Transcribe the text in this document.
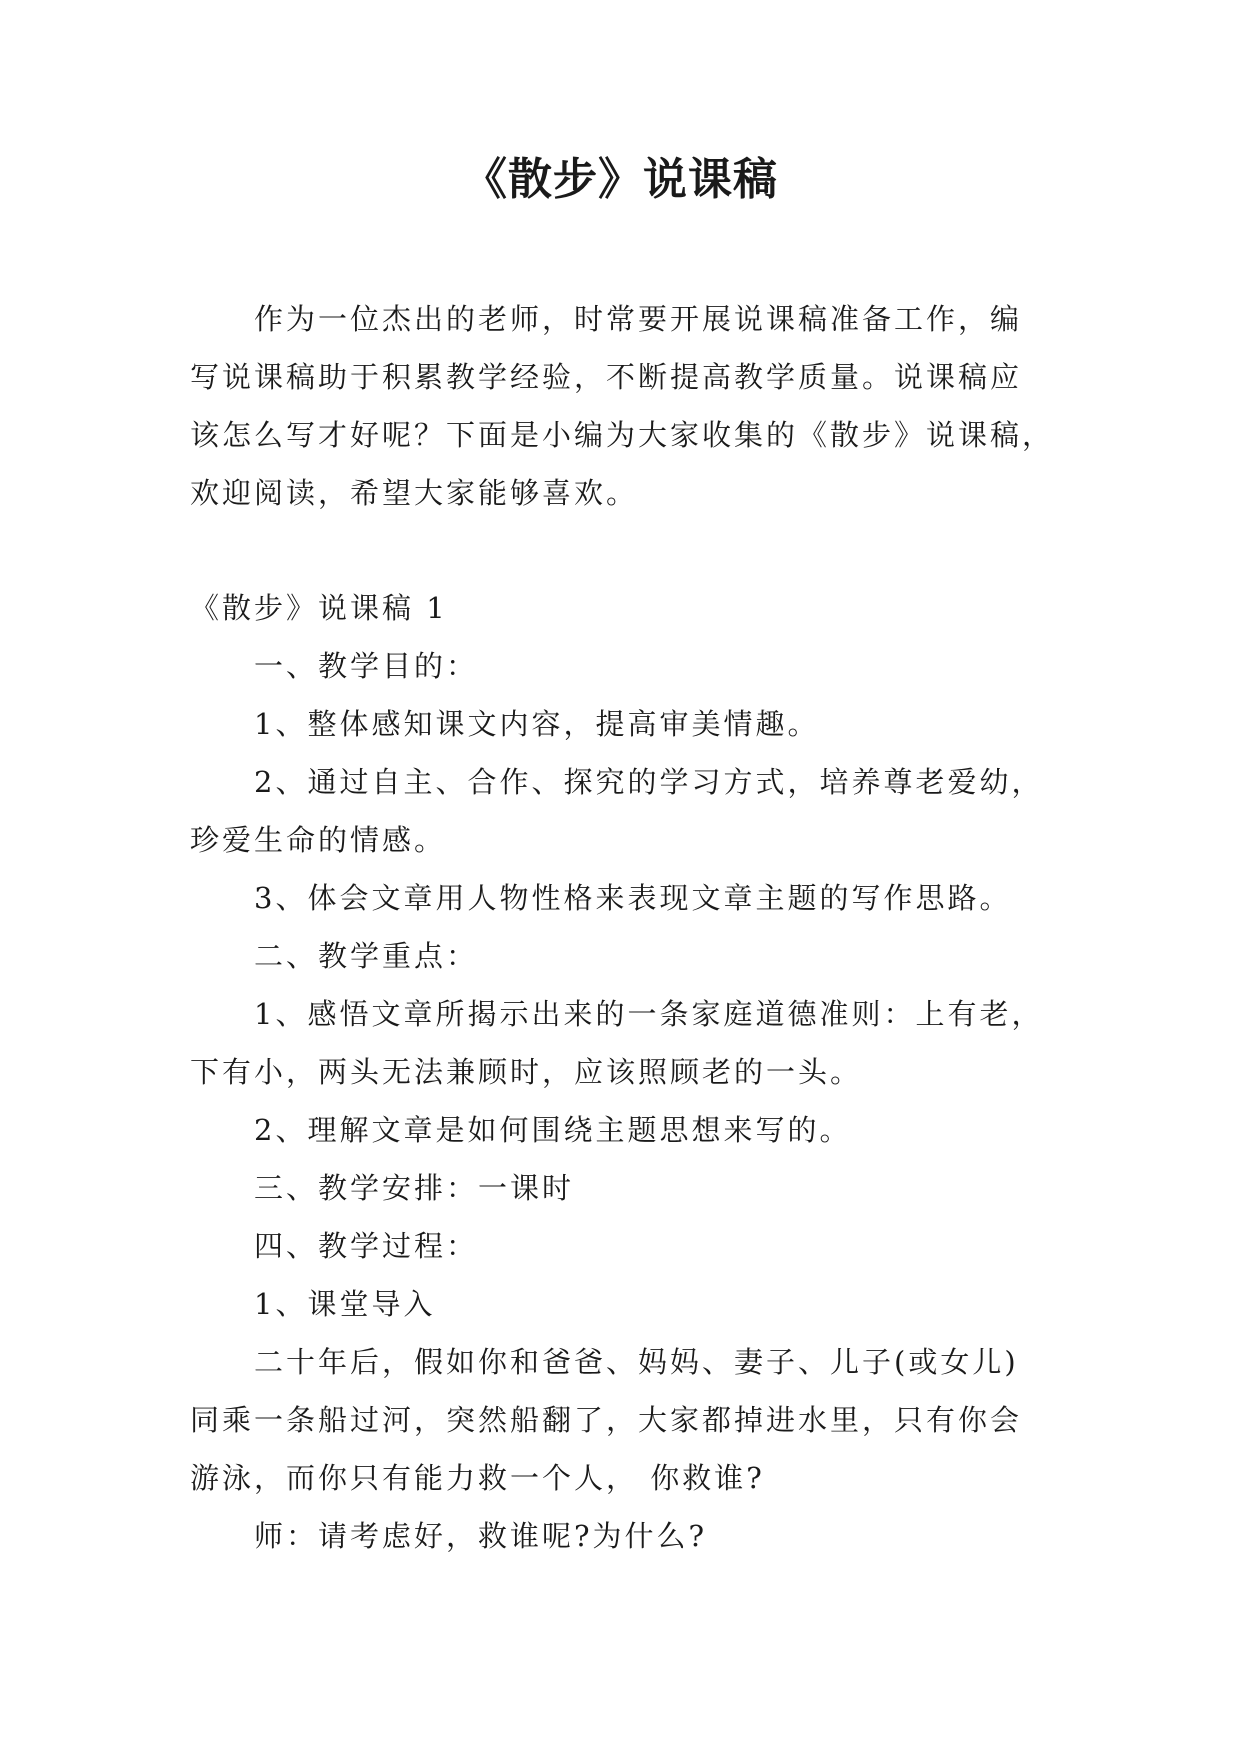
《散步》说课稿

作为一位杰出的老师，时常要开展说课稿准备工作，编

写说课稿助于积累教学经验，不断提高教学质量。说课稿应

该怎么写才好呢？下面是小编为大家收集的《散步》说课稿，

欢迎阅读，希望大家能够喜欢。

《散步》说课稿 1

一、教学目的：

1、整体感知课文内容，提高审美情趣。

2、通过自主、合作、探究的学习方式，培养尊老爱幼，

珍爱生命的情感。

3、体会文章用人物性格来表现文章主题的写作思路。

二、教学重点：

1、感悟文章所揭示出来的一条家庭道德准则：上有老，

下有小，两头无法兼顾时，应该照顾老的一头。

2、理解文章是如何围绕主题思想来写的。

三、教学安排：一课时

四、教学过程：

1、课堂导入

二十年后，假如你和爸爸、妈妈、妻子、儿子(或女儿)

同乘一条船过河，突然船翻了，大家都掉进水里，只有你会

游泳，而你只有能力救一个人， 你救谁?

师：请考虑好，救谁呢?为什么?
